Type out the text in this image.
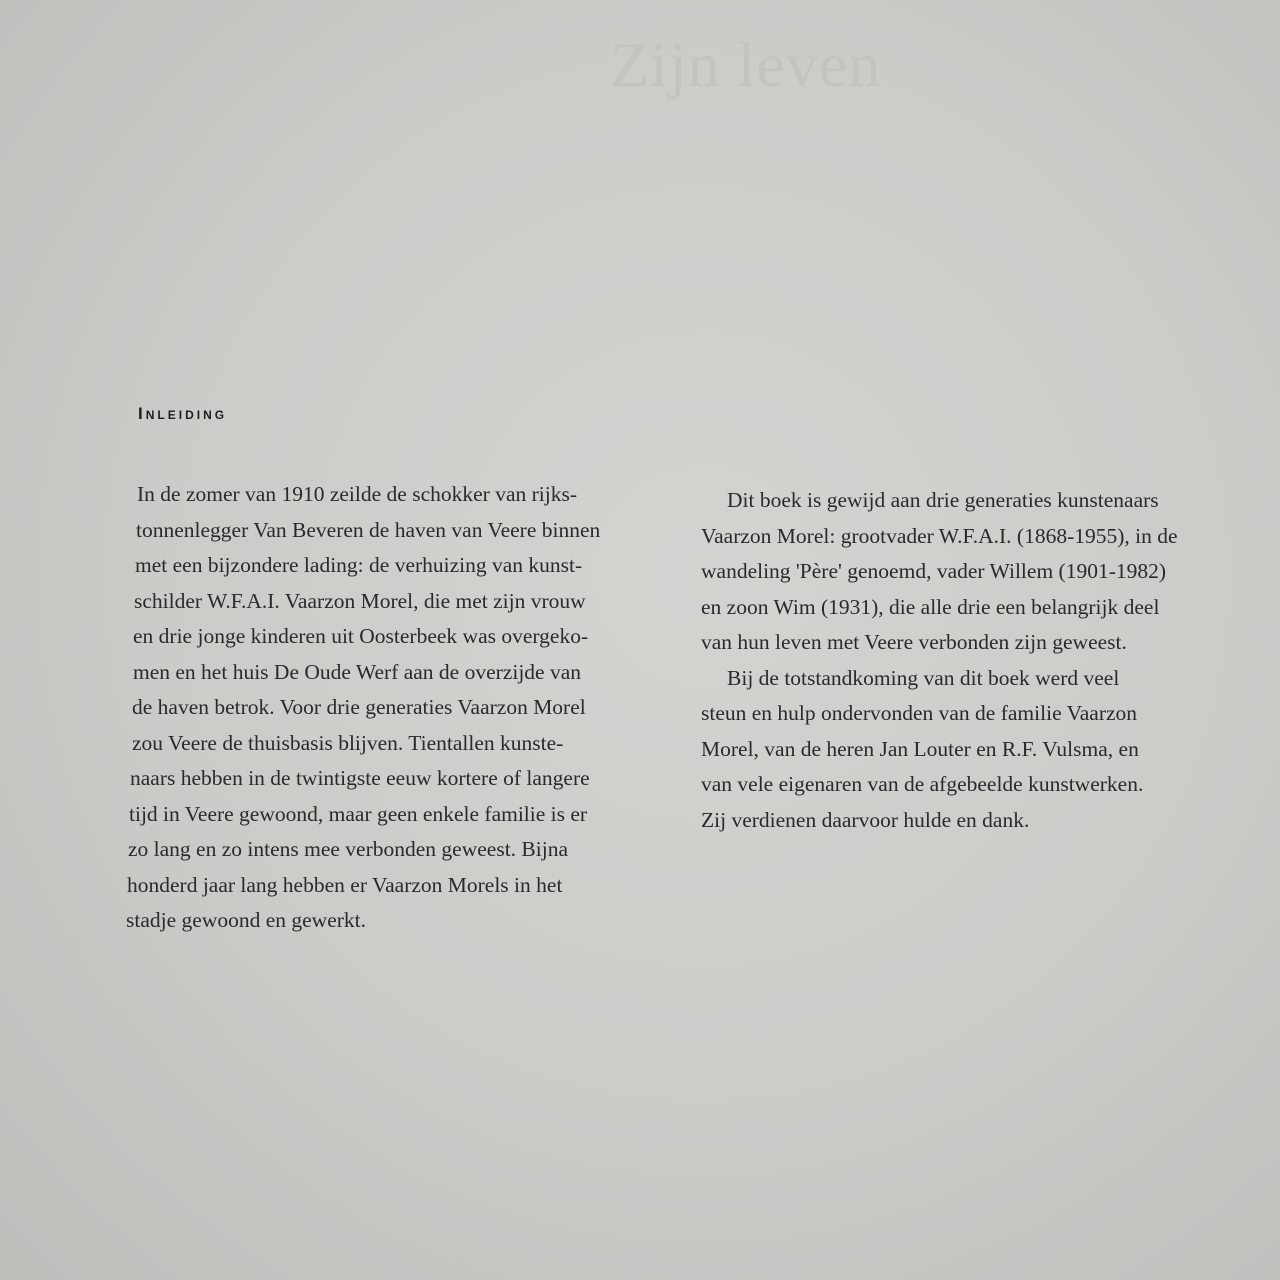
Zijn leven
Inleiding
In de zomer van 1910 zeilde de schokker van rijks-
tonnenlegger Van Beveren de haven van Veere binnen
met een bijzondere lading: de verhuizing van kunst-
schilder W.F.A.I. Vaarzon Morel, die met zijn vrouw
en drie jonge kinderen uit Oosterbeek was overgeko-
men en het huis De Oude Werf aan de overzijde van
de haven betrok. Voor drie generaties Vaarzon Morel
zou Veere de thuisbasis blijven. Tientallen kunste-
naars hebben in de twintigste eeuw kortere of langere
tijd in Veere gewoond, maar geen enkele familie is er
zo lang en zo intens mee verbonden geweest. Bijna
honderd jaar lang hebben er Vaarzon Morels in het
stadje gewoond en gewerkt.
Dit boek is gewijd aan drie generaties kunstenaars
Vaarzon Morel: grootvader W.F.A.I. (1868-1955), in de
wandeling 'Père' genoemd, vader Willem (1901-1982)
en zoon Wim (1931), die alle drie een belangrijk deel
van hun leven met Veere verbonden zijn geweest.
Bij de totstandkoming van dit boek werd veel
steun en hulp ondervonden van de familie Vaarzon
Morel, van de heren Jan Louter en R.F. Vulsma, en
van vele eigenaren van de afgebeelde kunstwerken.
Zij verdienen daarvoor hulde en dank.
